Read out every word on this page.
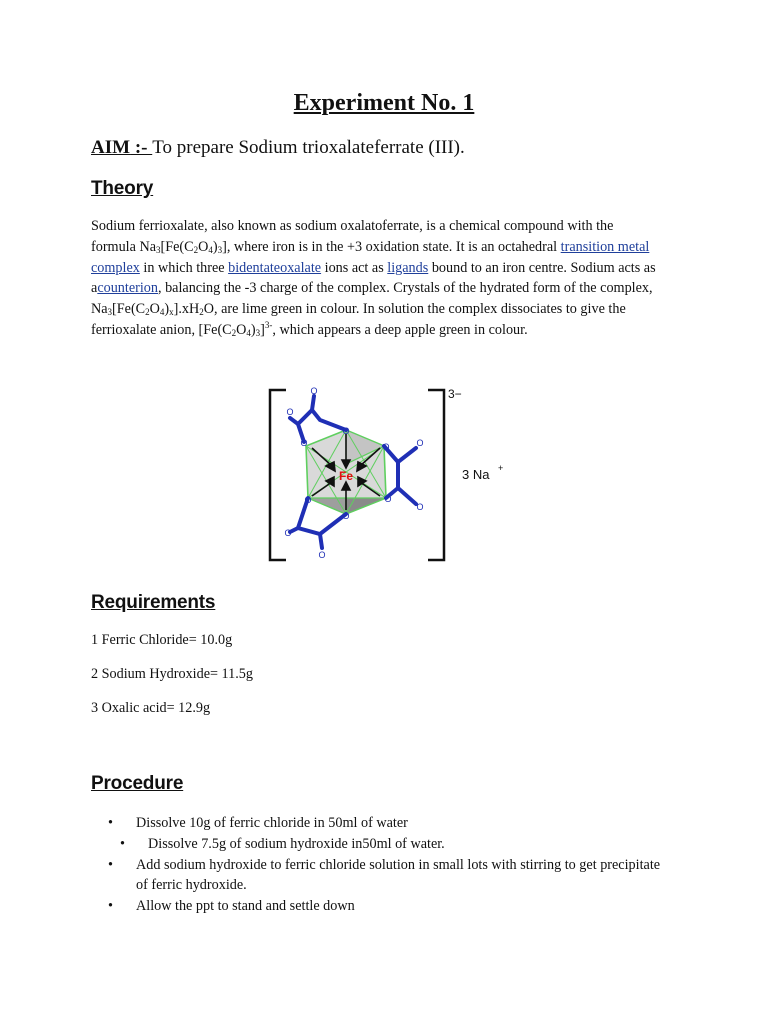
Experiment No. 1
AIM :- To prepare Sodium trioxalateferrate (III).
Theory
Sodium ferrioxalate, also known as sodium oxalatoferrate, is a chemical compound with the formula $Na_3[Fe(C_2O_4)_3]$, where iron is in the +3 oxidation state. It is an octahedral transition metal complex in which three bidentateoxalate ions act as ligands bound to an iron centre. Sodium acts as acounterion, balancing the -3 charge of the complex. Crystals of the hydrated form of the complex, $Na_3[Fe(C_2O_4)_x].xH_2O$, are lime green in colour. In solution the complex dissociates to give the ferrioxalate anion, $[Fe(C_2O_4)_3]^{3-}$, which appears a deep apple green in colour.
3−
3 Na +
Fe
O
O
O
O
O
O
O
O
O
O
O
O
Requirements
1 Ferric Chloride= 10.0g
2 Sodium Hydroxide= 11.5g
3 Oxalic acid= 12.9g
Procedure
• Dissolve 10g of ferric chloride in 50ml of water
• Dissolve 7.5g of sodium hydroxide in50ml of water.
• Add sodium hydroxide to ferric chloride solution in small lots with stirring to get precipitate of ferric hydroxide.
• Allow the ppt to stand and settle down
